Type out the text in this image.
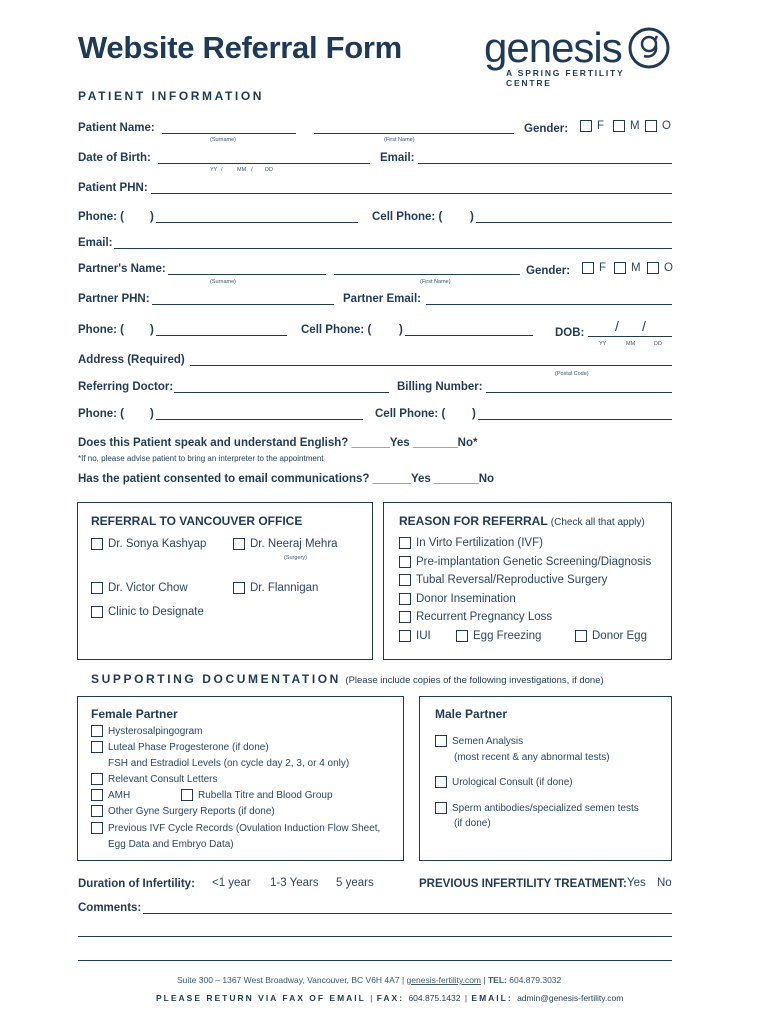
Website Referral Form genesis
A SPRING FERTILITY CENTRE
PATIENT INFORMATION
Patient Name:
(Surname)	(First Name)
Gender:	F M O
Date of Birth:
YY /	MM / DD
Email:
Patient PHN:
Phone: ( )	Cell Phone: ( )
Email:
Partner's Name:
(Surname)	(First Name)
Gender:	F M O
Partner PHN:	Partner Email:
Phone: ( )	Cell Phone: ( )	DOB: / /
YY	MM	DD
Address (Required)
(Postal Code)
Referring Doctor:	Billing Number:
Phone: ( )	Cell Phone: ( )
Does this Patient speak and understand English? ______Yes _______No*
*If no, please advise patient to bring an interpreter to the appointment
Has the patient consented to email communications? ______Yes _______No
REFERRAL TO VANCOUVER OFFICE
Dr. Sonya Kashyap	Dr. Neeraj Mehra
(Surgery)
Dr. Victor Chow	Dr. Flannigan
Clinic to Designate
REASON FOR REFERRAL (Check all that apply)
In Virto Fertilization (IVF)
Pre-implantation Genetic Screening/Diagnosis
Tubal Reversal/Reproductive Surgery
Donor Insemination
Recurrent Pregnancy Loss
IUI	Egg Freezing	Donor Egg
SUPPORTING DOCUMENTATION (Please include copies of the following investigations, if done)
Female Partner
Hysterosalpingogram
Luteal Phase Progesterone (if done)
FSH and Estradiol Levels (on cycle day 2, 3, or 4 only)
Relevant Consult Letters
AMH	Rubella Titre and Blood Group
Other Gyne Surgery Reports (if done)
Previous IVF Cycle Records (Ovulation Induction Flow Sheet,
Egg Data and Embryo Data)
Male Partner
Semen Analysis
(most recent & any abnormal tests)
Urological Consult (if done)
Sperm antibodies/specialized semen tests
(if done)
Duration of Infertility: <1 year 1-3 Years 5 years	PREVIOUS INFERTILITY TREATMENT: Yes No
Comments:
Suite 300 – 1367 West Broadway, Vancouver, BC V6H 4A7 | genesis-fertility.com | TEL: 604.879.3032
PLEASE RETURN VIA FAX OF EMAIL | FAX: 604.875.1432 | EMAIL: admin@genesis-fertility.com
